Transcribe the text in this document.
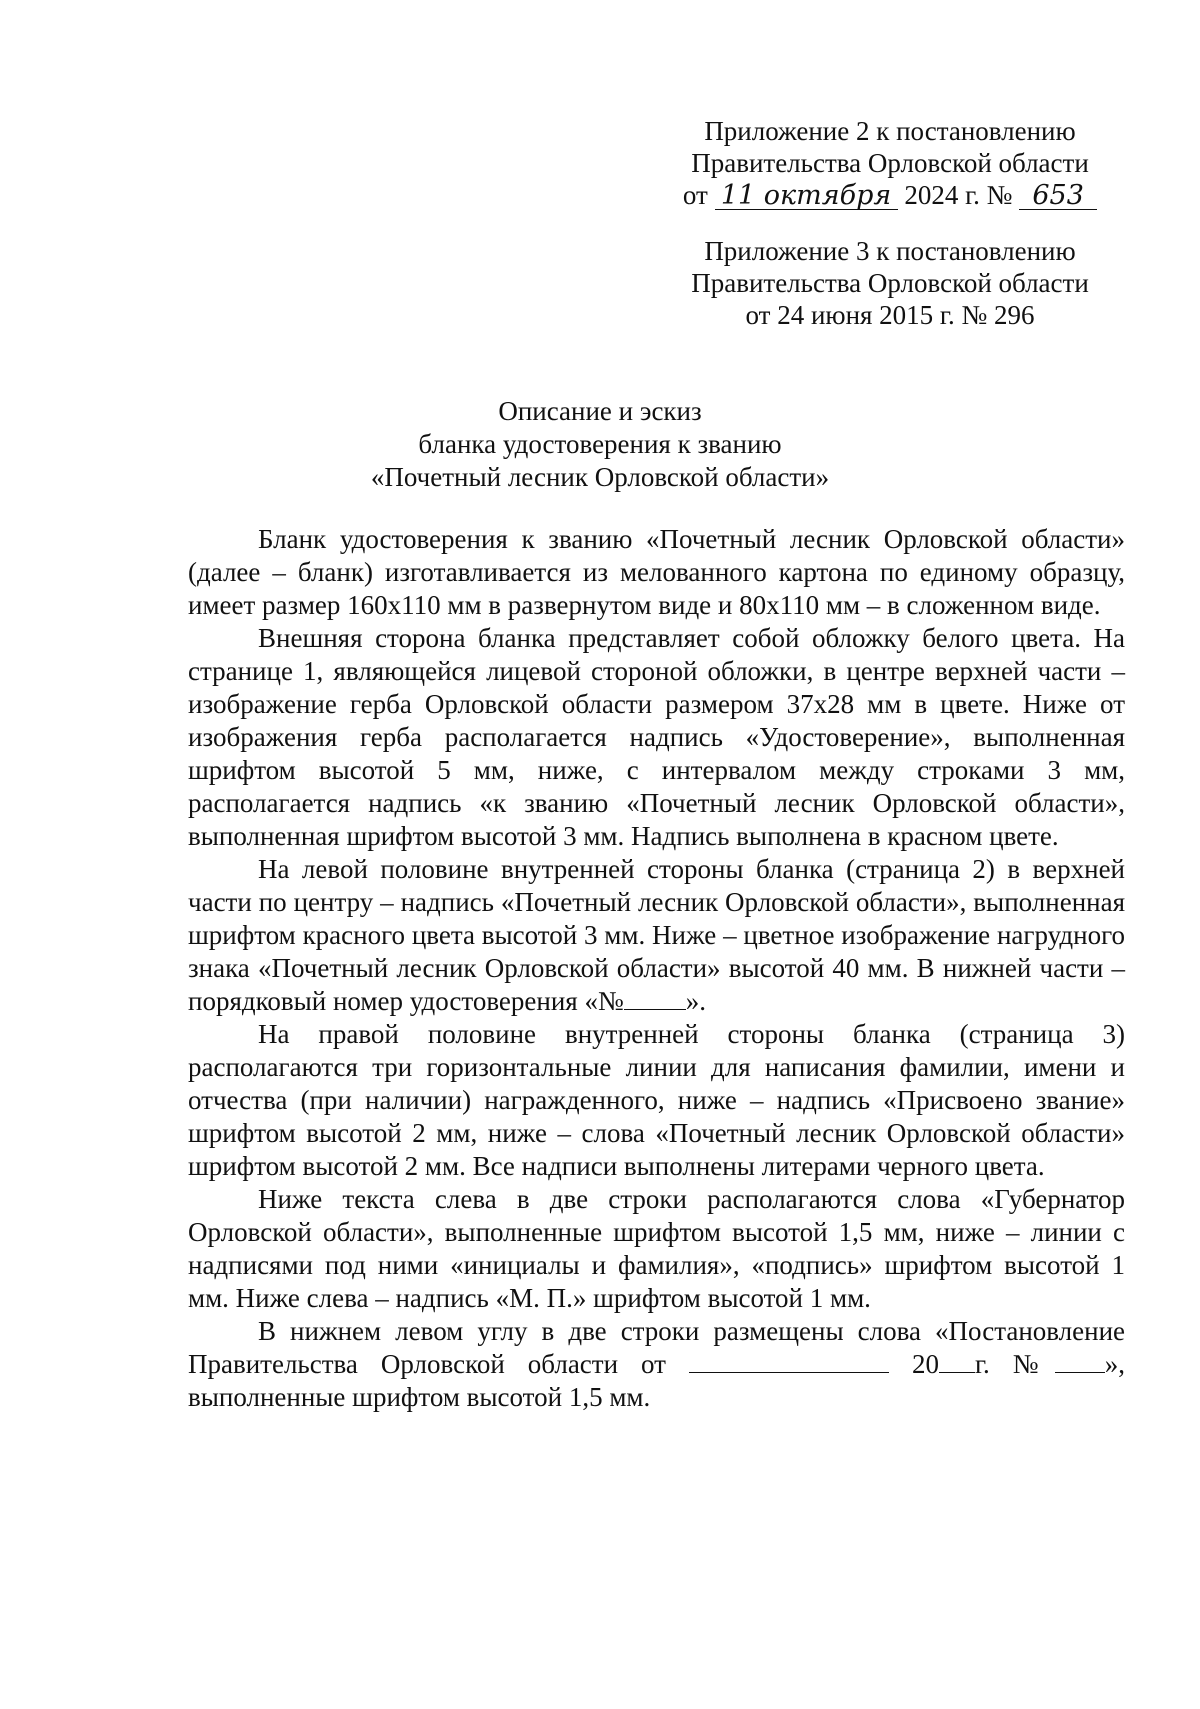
Приложение 2 к постановлению
Правительства Орловской области
от 11 октября 2024 г. № 653
Приложение 3 к постановлению
Правительства Орловской области
от 24 июня 2015 г. № 296
Описание и эскиз
бланка удостоверения к званию
«Почетный лесник Орловской области»

Бланк удостоверения к званию «Почетный лесник Орловской области» (далее – бланк) изготавливается из мелованного картона по единому образцу, имеет размер 160х110 мм в развернутом виде и 80х110 мм – в сложенном виде.

Внешняя сторона бланка представляет собой обложку белого цвета. На странице 1, являющейся лицевой стороной обложки, в центре верхней части – изображение герба Орловской области размером 37х28 мм в цвете. Ниже от изображения герба располагается надпись «Удостоверение», выполненная шрифтом высотой 5 мм, ниже, с интервалом между строками 3 мм, располагается надпись «к званию «Почетный лесник Орловской области», выполненная шрифтом высотой 3 мм. Надпись выполнена в красном цвете.

На левой половине внутренней стороны бланка (страница 2) в верхней части по центру – надпись «Почетный лесник Орловской области», выполненная шрифтом красного цвета высотой 3 мм. Ниже – цветное изображение нагрудного знака «Почетный лесник Орловской области» высотой 40 мм. В нижней части – порядковый номер удостоверения «№ ».

На правой половине внутренней стороны бланка (страница 3) располагаются три горизонтальные линии для написания фамилии, имени и отчества (при наличии) награжденного, ниже – надпись «Присвоено звание» шрифтом высотой 2 мм, ниже – слова «Почетный лесник Орловской области» шрифтом высотой 2 мм. Все надписи выполнены литерами черного цвета.

Ниже текста слева в две строки располагаются слова «Губернатор Орловской области», выполненные шрифтом высотой 1,5 мм, ниже – линии с надписями под ними «инициалы и фамилия», «подпись» шрифтом высотой 1 мм. Ниже слева – надпись «М. П.» шрифтом высотой 1 мм.

В нижнем левом углу в две строки размещены слова «Постановление Правительства Орловской области от	20 г. № », выполненные шрифтом высотой 1,5 мм.
